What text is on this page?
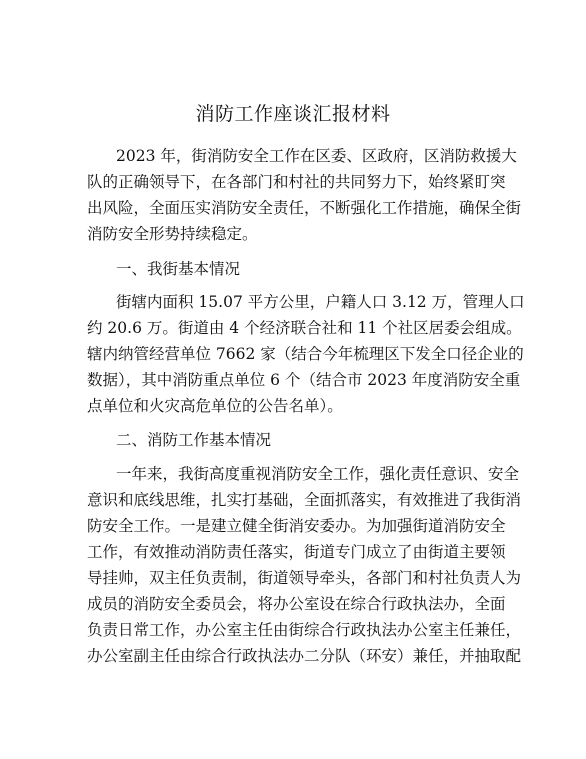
消防工作座谈汇报材料
2023 年，街消防安全工作在区委、区政府，区消防救援大
队的正确领导下，在各部门和村社的共同努力下，始终紧盯突
出风险，全面压实消防安全责任，不断强化工作措施，确保全街
消防安全形势持续稳定。
一、我街基本情况
街辖内面积 15.07 平方公里，户籍人口 3.12 万，管理人口
约 20.6 万。街道由 4 个经济联合社和 11 个社区居委会组成。
辖内纳管经营单位 7662 家（结合今年梳理区下发全口径企业的
数据），其中消防重点单位 6 个（结合市 2023 年度消防安全重
点单位和火灾高危单位的公告名单）。
二、消防工作基本情况
一年来，我街高度重视消防安全工作，强化责任意识、安全
意识和底线思维，扎实打基础，全面抓落实，有效推进了我街消
防安全工作。一是建立健全街消安委办。为加强街道消防安全
工作，有效推动消防责任落实，街道专门成立了由街道主要领
导挂帅，双主任负责制，街道领导牵头，各部门和村社负责人为
成员的消防安全委员会，将办公室设在综合行政执法办，全面
负责日常工作，办公室主任由街综合行政执法办公室主任兼任，
办公室副主任由综合行政执法办二分队（环安）兼任，并抽取配
